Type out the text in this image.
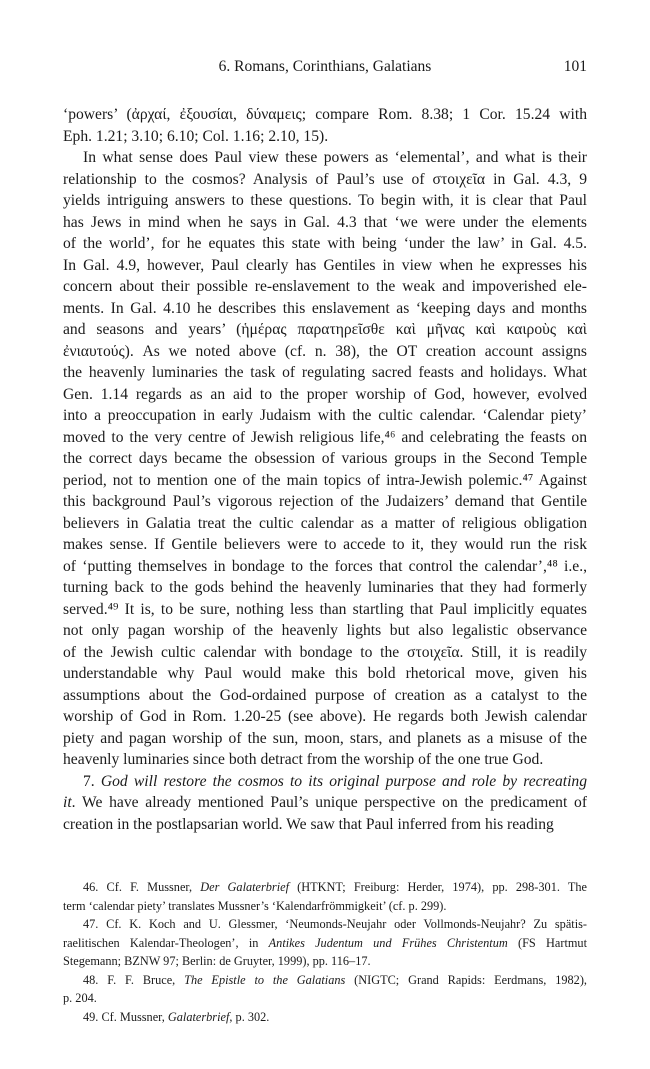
6. Romans, Corinthians, Galatians	101
‘powers’ (ἀρχαί, ἐξουσίαι, δύναμεις; compare Rom. 8.38; 1 Cor. 15.24 with
Eph. 1.21; 3.10; 6.10; Col. 1.16; 2.10, 15).
In what sense does Paul view these powers as ‘elemental’, and what is their
relationship to the cosmos? Analysis of Paul’s use of στοιχεῖα in Gal. 4.3, 9
yields intriguing answers to these questions. To begin with, it is clear that Paul
has Jews in mind when he says in Gal. 4.3 that ‘we were under the elements
of the world’, for he equates this state with being ‘under the law’ in Gal. 4.5.
In Gal. 4.9, however, Paul clearly has Gentiles in view when he expresses his
concern about their possible re-enslavement to the weak and impoverished ele-
ments. In Gal. 4.10 he describes this enslavement as ‘keeping days and months
and seasons and years’ (ἡμέρας παρατηρεῖσθε καὶ μῆνας καὶ καιροὺς καὶ
ἐνιαυτούς). As we noted above (cf. n. 38), the OT creation account assigns
the heavenly luminaries the task of regulating sacred feasts and holidays. What
Gen. 1.14 regards as an aid to the proper worship of God, however, evolved
into a preoccupation in early Judaism with the cultic calendar. ‘Calendar piety’
moved to the very centre of Jewish religious life,⁴⁶ and celebrating the feasts on
the correct days became the obsession of various groups in the Second Temple
period, not to mention one of the main topics of intra-Jewish polemic.⁴⁷ Against
this background Paul’s vigorous rejection of the Judaizers’ demand that Gentile
believers in Galatia treat the cultic calendar as a matter of religious obligation
makes sense. If Gentile believers were to accede to it, they would run the risk
of ‘putting themselves in bondage to the forces that control the calendar’,⁴⁸ i.e.,
turning back to the gods behind the heavenly luminaries that they had formerly
served.⁴⁹ It is, to be sure, nothing less than startling that Paul implicitly equates
not only pagan worship of the heavenly lights but also legalistic observance
of the Jewish cultic calendar with bondage to the στοιχεῖα. Still, it is readily
understandable why Paul would make this bold rhetorical move, given his
assumptions about the God-ordained purpose of creation as a catalyst to the
worship of God in Rom. 1.20-25 (see above). He regards both Jewish calendar
piety and pagan worship of the sun, moon, stars, and planets as a misuse of the
heavenly luminaries since both detract from the worship of the one true God.
7. God will restore the cosmos to its original purpose and role by recreating
it. We have already mentioned Paul’s unique perspective on the predicament of
creation in the postlapsarian world. We saw that Paul inferred from his reading
46. Cf. F. Mussner, Der Galaterbrief (HTKNT; Freiburg: Herder, 1974), pp. 298-301. The
term ‘calendar piety’ translates Mussner’s ‘Kalendarfrömmigkeit’ (cf. p. 299).
47. Cf. K. Koch and U. Glessmer, ‘Neumonds-Neujahr oder Vollmonds-Neujahr? Zu spätis-
raelitischen Kalendar-Theologen’, in Antikes Judentum und Frühes Christentum (FS Hartmut
Stegemann; BZNW 97; Berlin: de Gruyter, 1999), pp. 116–17.
48. F. F. Bruce, The Epistle to the Galatians (NIGTC; Grand Rapids: Eerdmans, 1982),
p. 204.
49. Cf. Mussner, Galaterbrief, p. 302.
